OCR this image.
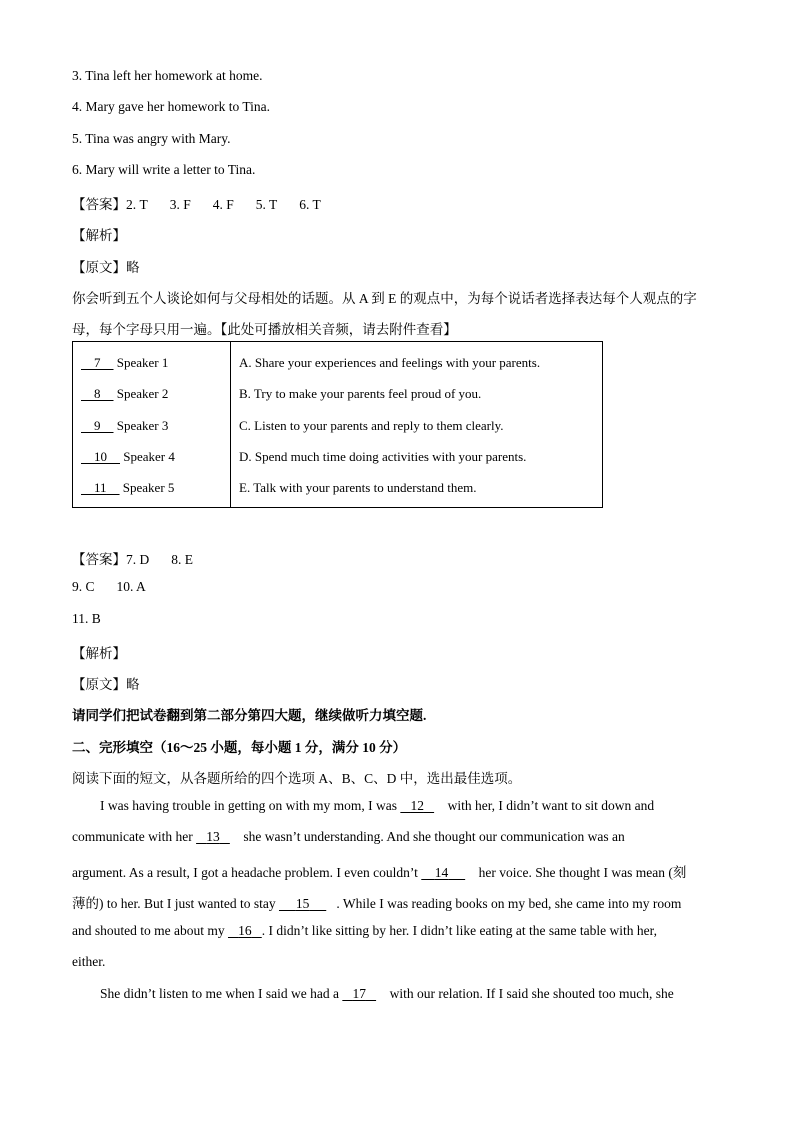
3. Tina left her homework at home.
4. Mary gave her homework to Tina.
5. Tina was angry with Mary.
6. Mary will write a letter to Tina.
【答案】2. T 3. F 4. F 5. T 6. T
【解析】
【原文】略
你会听到五个人谈论如何与父母相处的话题。从 A 到 E 的观点中，为每个说话者选择表达每个人观点的字
母，每个字母只用一遍。【此处可播放相关音频，请去附件查看】
7 Speaker 1	A. Share your experiences and feelings with your parents.
8 Speaker 2	B. Try to make your parents feel proud of you.
9 Speaker 3	C. Listen to your parents and reply to them clearly.
10 Speaker 4	D. Spend much time doing activities with your parents.
11 Speaker 5	E. Talk with your parents to understand them.
【答案】7. D 8. E
9. C 10. A
11. B
【解析】
【原文】略
请同学们把试卷翻到第二部分第四大题，继续做听力填空题.
二、完形填空（16～25 小题，每小题 1 分，满分 10 分）
阅读下面的短文，从各题所给的四个选项 A、B、C、D 中，选出最佳选项。
I was having trouble in getting on with my mom, I was    12       with her, I didn’t want to sit down and
communicate with her    13       she wasn’t understanding. And she thought our communication was an
argument. As a result, I got a headache problem. I even couldn’t     14         her voice. She thought I was mean (刻
薄的) to her. But I just wanted to stay      15        . While I was reading books on my bed, she came into my room
and shouted to me about my    16 . I didn’t like sitting by her. I didn’t like eating at the same table with her,
either.
She didn’t listen to me when I said we had a    17       with our relation. If I said she shouted too much, she
